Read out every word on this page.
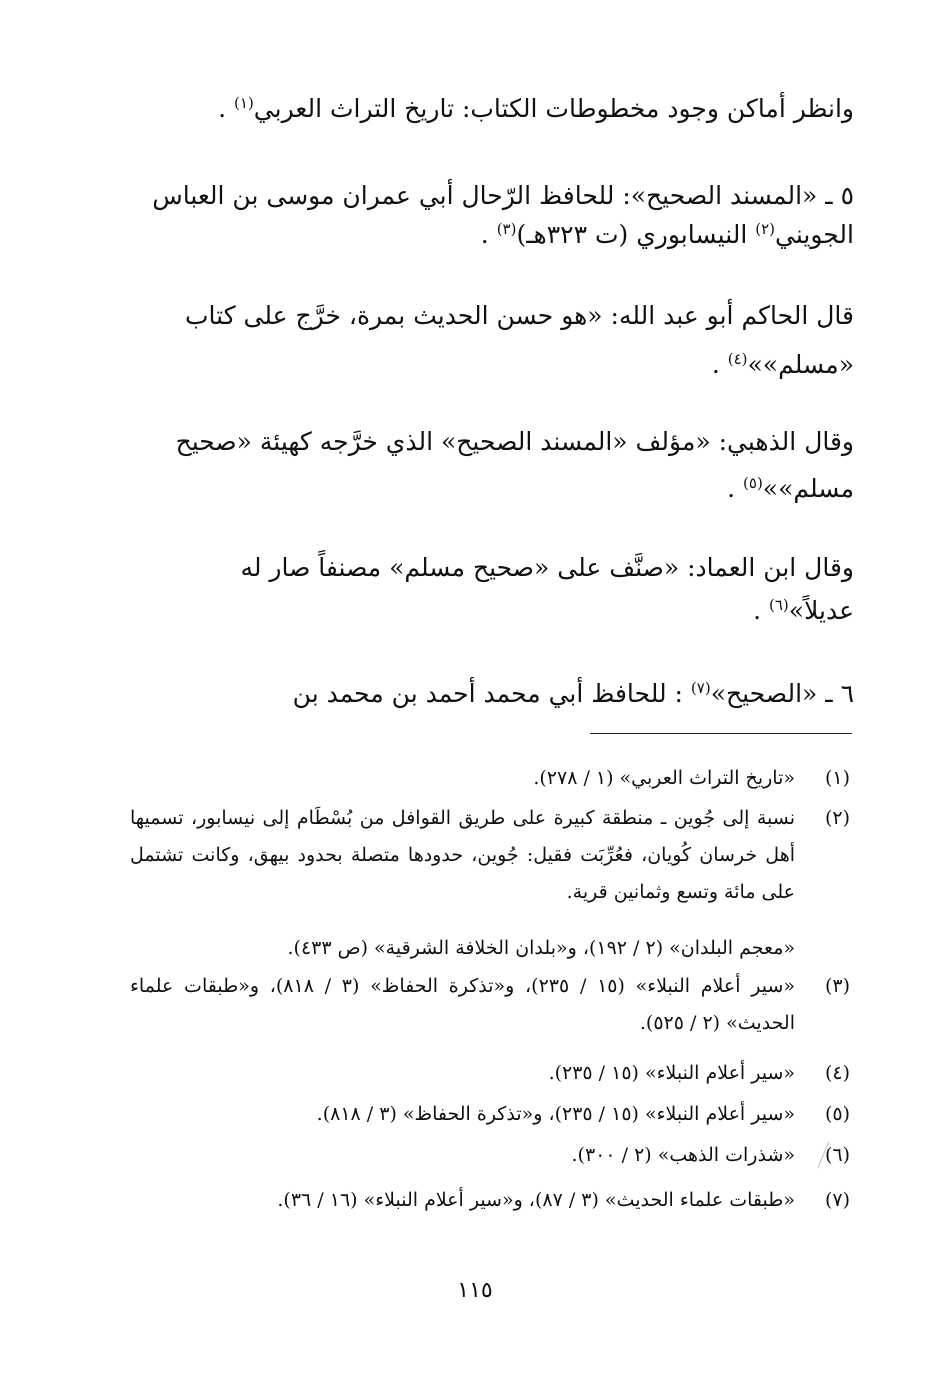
وانظر أماكن وجود مخطوطات الكتاب: تاريخ التراث العربي$^{(١)}$ .
٥ ـ «المسند الصحيح»: للحافظ الرّحال أبي عمران موسى بن العباس
الجويني$^{(٢)}$ النيسابوري (ت ٣٢٣هـ)$^{(٣)}$ .
قال الحاكم أبو عبد الله: «هو حسن الحديث بمرة، خرَّج على كتاب
«مسلم»»$^{(٤)}$ .
وقال الذهبي: «مؤلف «المسند الصحيح» الذي خرَّجه كهيئة «صحيح
مسلم»»$^{(٥)}$ .
وقال ابن العماد: «صنَّف على «صحيح مسلم» مصنفاً صار له
عديلاً»$^{(٦)}$ .
٦ ـ «الصحيح»$^{(٧)}$ : للحافظ أبي محمد أحمد بن محمد بن
(١)
«تاريخ التراث العربي» (١ / ٢٧٨).
(٢)
نسبة إلى جُوين ـ منطقة كبيرة على طريق القوافل من بُسْطَام إلى نيسابور، تسميها أهل خرسان كُويان، فعُرِّبَت فقيل: جُوين، حدودها متصلة بحدود بيهق، وكانت تشتمل على مائة وتسع وثمانين قرية.
«معجم البلدان» (٢ / ١٩٢)، و«بلدان الخلافة الشرقية» (ص ٤٣٣).
(٣)
«سير أعلام النبلاء» (١٥ / ٢٣٥)، و«تذكرة الحفاظ» (٣ / ٨١٨)، و«طبقات علماء الحديث» (٢ / ٥٢٥).
(٤)
«سير أعلام النبلاء» (١٥ / ٢٣٥).
(٥)
«سير أعلام النبلاء» (١٥ / ٢٣٥)، و«تذكرة الحفاظ» (٣ / ٨١٨).
(٦)
«شذرات الذهب» (٢ / ٣٠٠).
(٧)
«طبقات علماء الحديث» (٣ / ٨٧)، و«سير أعلام النبلاء» (١٦ / ٣٦).
١١٥
